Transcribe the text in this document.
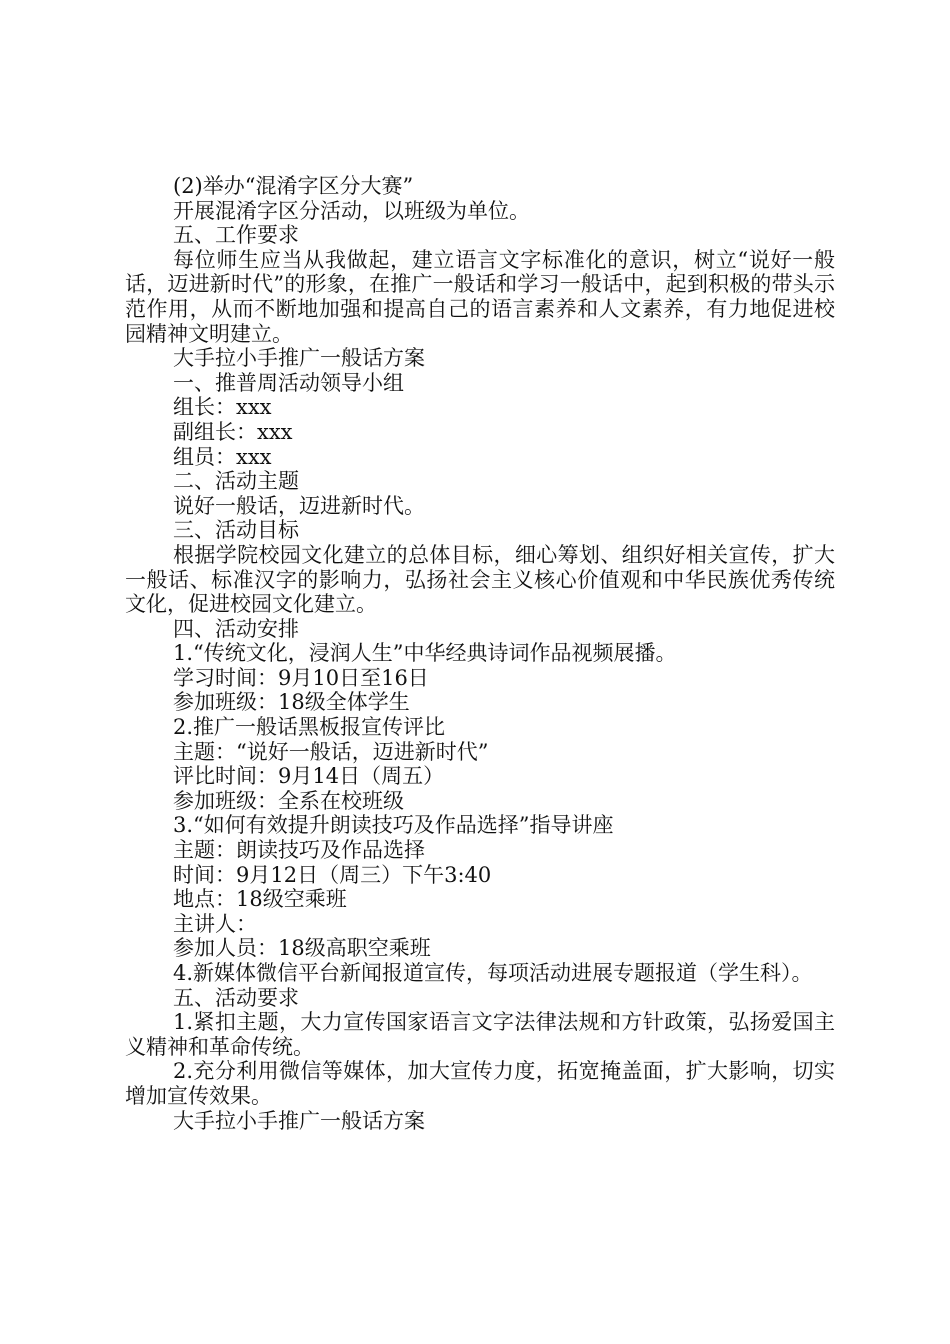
(2)举办“混淆字区分大赛”

开展混淆字区分活动，以班级为单位。

五、工作要求

每位师生应当从我做起，建立语言文字标准化的意识，树立“说好一般话，迈进新时代”的形象，在推广一般话和学习一般话中，起到积极的带头示范作用，从而不断地加强和提高自己的语言素养和人文素养，有力地促进校园精神文明建立。

大手拉小手推广一般话方案

一、推普周活动领导小组

组长：xxx

副组长：xxx

组员：xxx

二、活动主题

说好一般话，迈进新时代。

三、活动目标

根据学院校园文化建立的总体目标，细心筹划、组织好相关宣传，扩大一般话、标准汉字的影响力，弘扬社会主义核心价值观和中华民族优秀传统文化，促进校园文化建立。

四、活动安排

1.“传统文化，浸润人生”中华经典诗词作品视频展播。

学习时间：9月10日至16日

参加班级：18级全体学生

2.推广一般话黑板报宣传评比

主题：“说好一般话，迈进新时代”

评比时间：9月14日（周五）

参加班级：全系在校班级

3.“如何有效提升朗读技巧及作品选择”指导讲座

主题：朗读技巧及作品选择

时间：9月12日（周三）下午3:40

地点：18级空乘班

主讲人：

参加人员：18级高职空乘班

4.新媒体微信平台新闻报道宣传，每项活动进展专题报道（学生科）。

五、活动要求

1.紧扣主题，大力宣传国家语言文字法律法规和方针政策，弘扬爱国主义精神和革命传统。

2.充分利用微信等媒体，加大宣传力度，拓宽掩盖面，扩大影响，切实增加宣传效果。

大手拉小手推广一般话方案
